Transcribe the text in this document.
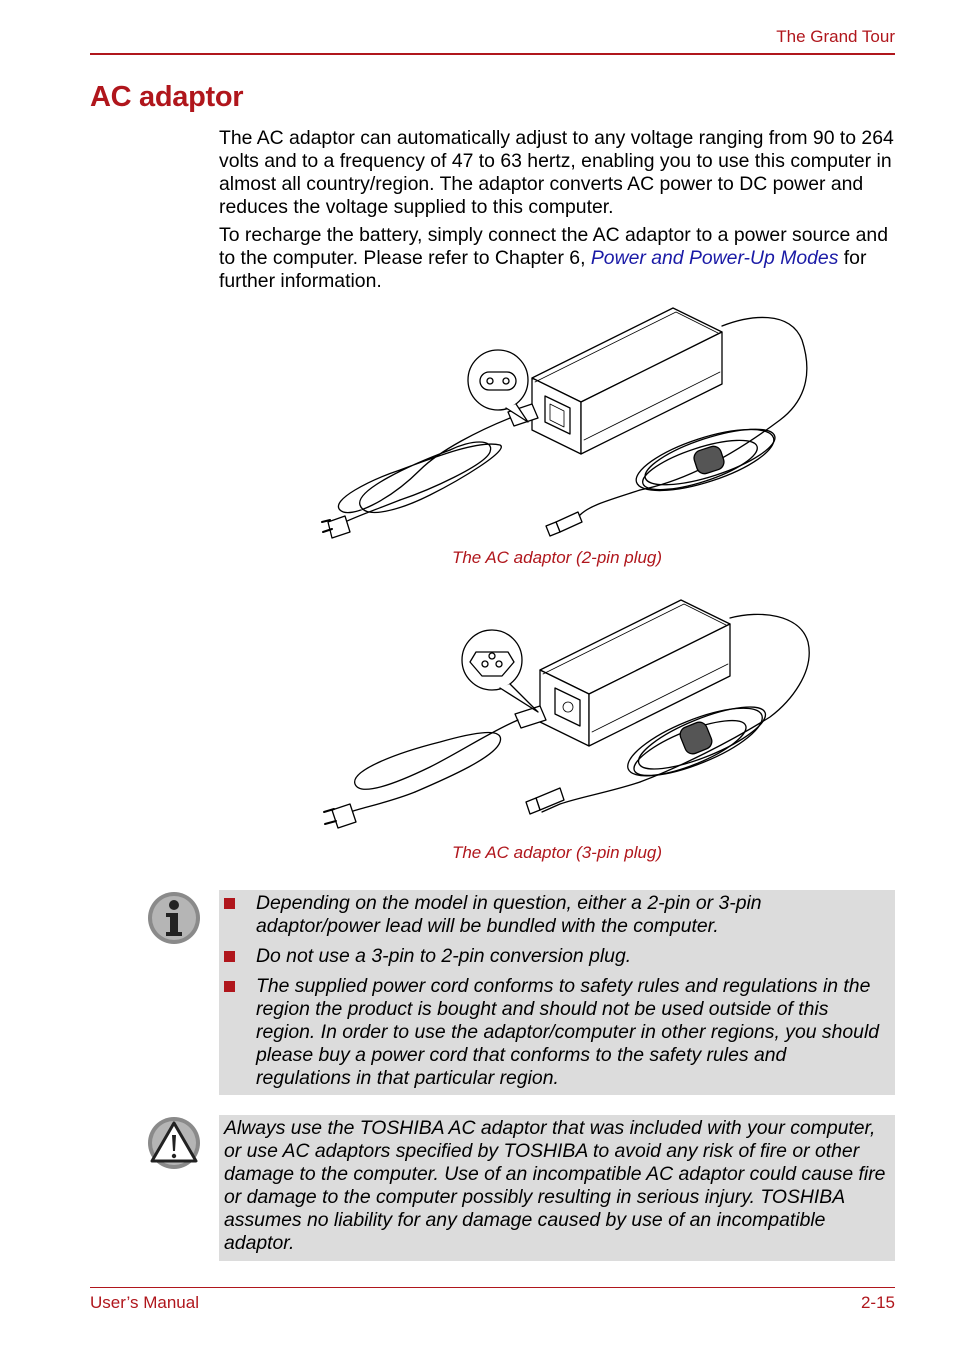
The Grand Tour
AC adaptor

The AC adaptor can automatically adjust to any voltage ranging from 90 to 264 volts and to a frequency of 47 to 63 hertz, enabling you to use this computer in almost all country/region. The adaptor converts AC power to DC power and reduces the voltage supplied to this computer.

To recharge the battery, simply connect the AC adaptor to a power source and to the computer. Please refer to Chapter 6, Power and Power-Up Modes for further information.

The AC adaptor (2-pin plug)
The AC adaptor (3-pin plug)
Depending on the model in question, either a 2-pin or 3-pin adaptor/power lead will be bundled with the computer.
Do not use a 3-pin to 2-pin conversion plug.
The supplied power cord conforms to safety rules and regulations in the region the product is bought and should not be used outside of this region. In order to use the adaptor/computer in other regions, you should please buy a power cord that conforms to the safety rules and regulations in that particular region.

Always use the TOSHIBA AC adaptor that was included with your computer, or use AC adaptors specified by TOSHIBA to avoid any risk of fire or other damage to the computer. Use of an incompatible AC adaptor could cause fire or damage to the computer possibly resulting in serious injury. TOSHIBA assumes no liability for any damage caused by use of an incompatible adaptor.

User’s Manual	2-15
